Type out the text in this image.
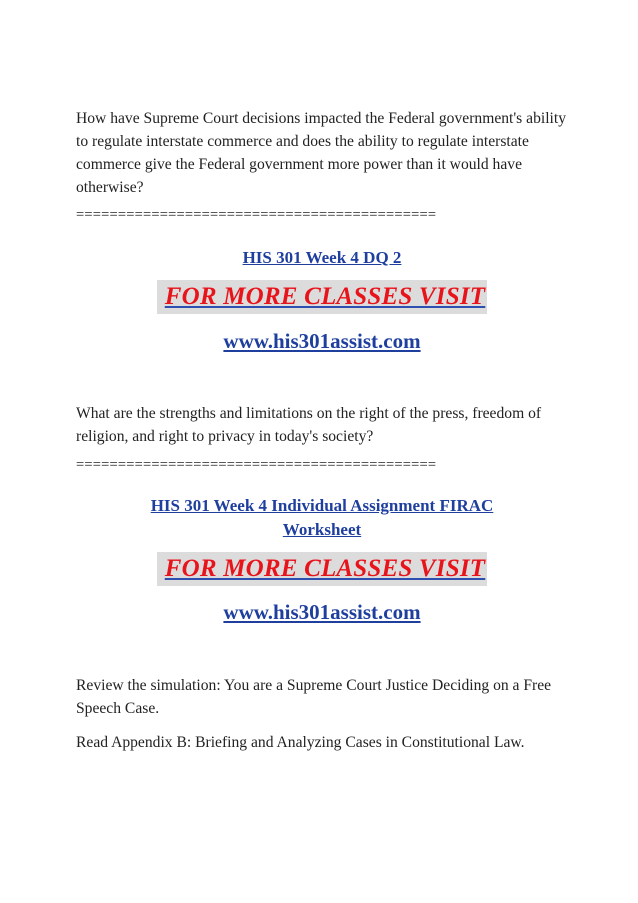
How have Supreme Court decisions impacted the Federal government's ability to regulate interstate commerce and does the ability to regulate interstate commerce give the Federal government more power than it would have otherwise?
===========================================
HIS 301 Week 4 DQ 2
FOR MORE CLASSES VISIT
www.his301assist.com
What are the strengths and limitations on the right of the press, freedom of religion, and right to privacy in today's society?
===========================================
HIS 301 Week 4 Individual Assignment FIRAC
Worksheet
FOR MORE CLASSES VISIT
www.his301assist.com
Review the simulation: You are a Supreme Court Justice Deciding on a Free Speech Case.
Read Appendix B: Briefing and Analyzing Cases in Constitutional Law.
